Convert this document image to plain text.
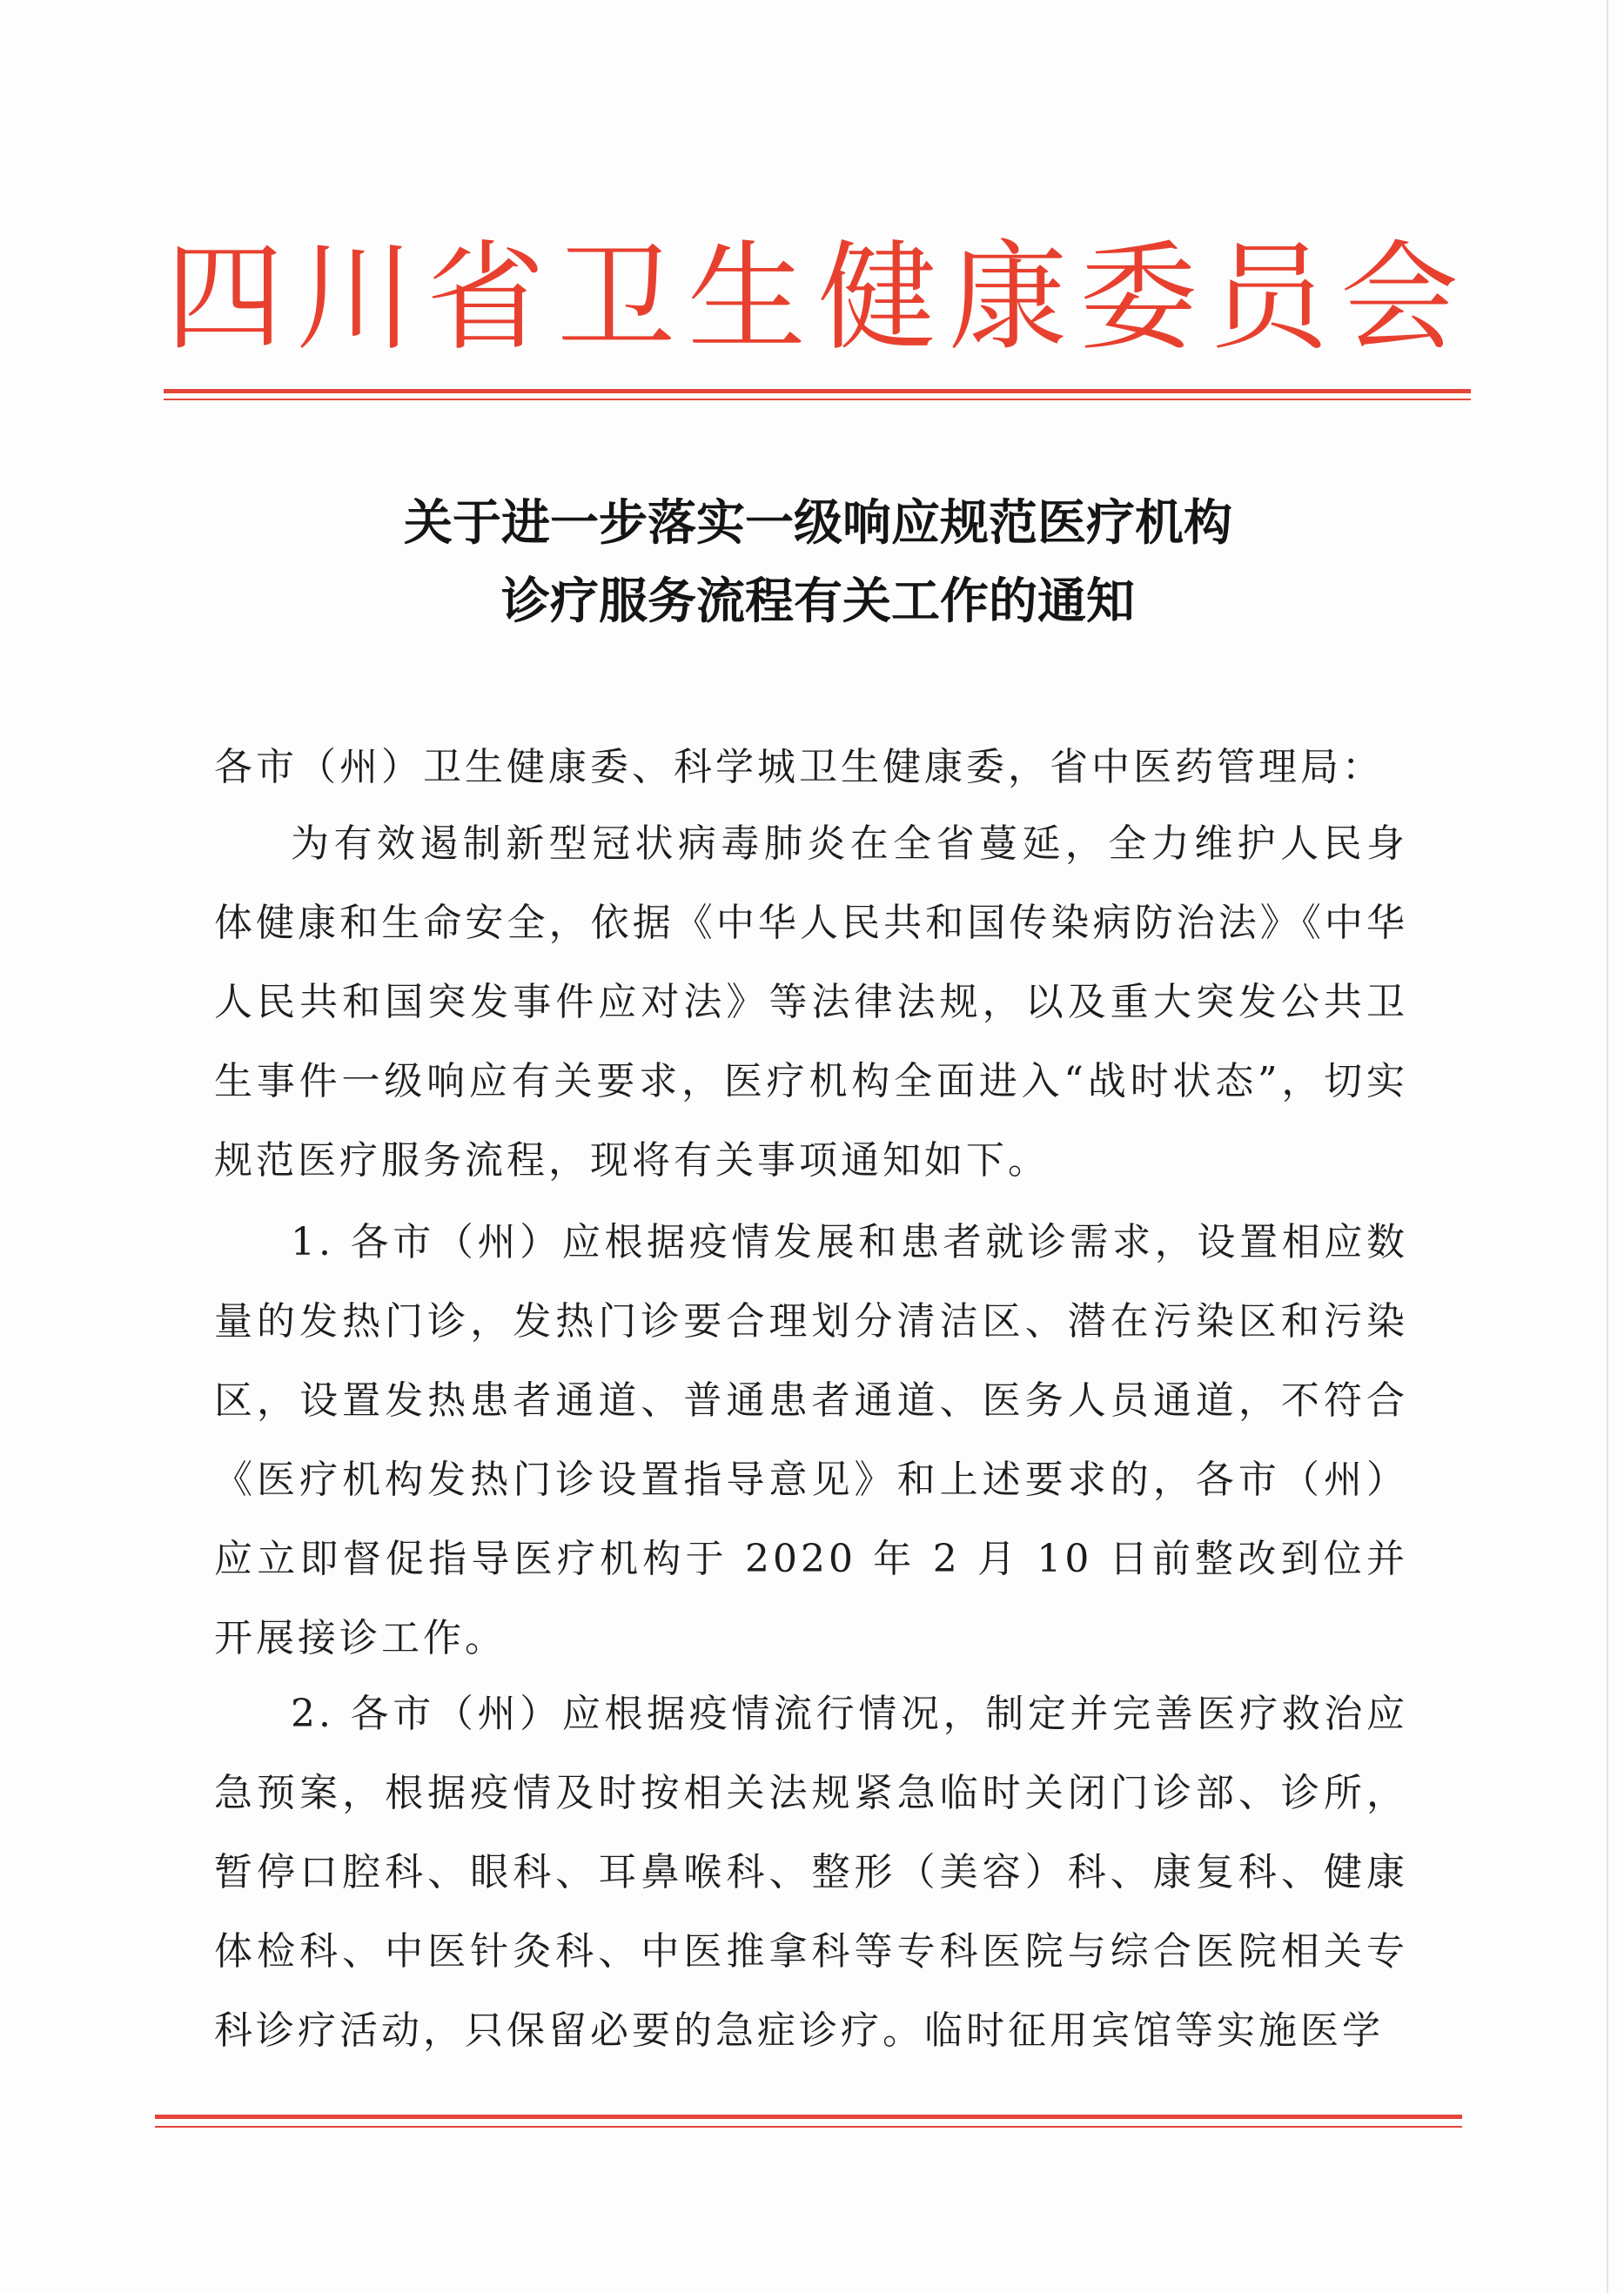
四川省卫生健康委员会
关于进一步落实一级响应规范医疗机构
诊疗服务流程有关工作的通知
各市（州）卫生健康委、科学城卫生健康委，省中医药管理局：
为有效遏制新型冠状病毒肺炎在全省蔓延，全力维护人民身体健康和生命安全，依据《中华人民共和国传染病防治法》《中华人民共和国突发事件应对法》等法律法规，以及重大突发公共卫生事件一级响应有关要求，医疗机构全面进入“战时状态”，切实规范医疗服务流程，现将有关事项通知如下。
1. 各市（州）应根据疫情发展和患者就诊需求，设置相应数量的发热门诊，发热门诊要合理划分清洁区、潜在污染区和污染区，设置发热患者通道、普通患者通道、医务人员通道，不符合《医疗机构发热门诊设置指导意见》和上述要求的，各市（州）应立即督促指导医疗机构于 2020 年 2 月 10 日前整改到位并开展接诊工作。
2. 各市（州）应根据疫情流行情况，制定并完善医疗救治应急预案，根据疫情及时按相关法规紧急临时关闭门诊部、诊所，暂停口腔科、眼科、耳鼻喉科、整形（美容）科、康复科、健康体检科、中医针灸科、中医推拿科等专科医院与综合医院相关专科诊疗活动，只保留必要的急症诊疗。临时征用宾馆等实施医学
